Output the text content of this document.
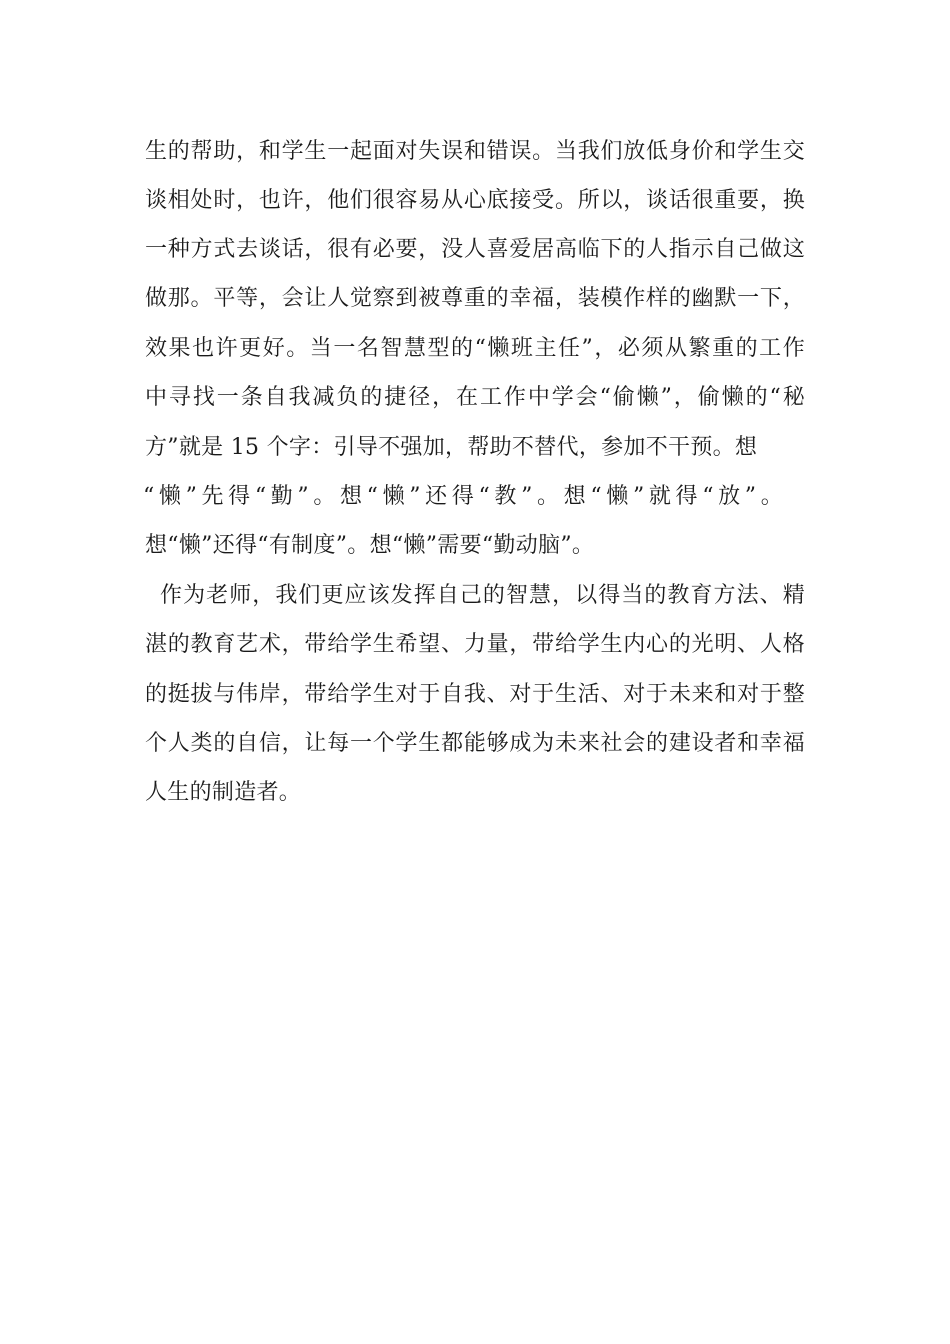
生的帮助，和学生一起面对失误和错误。当我们放低身价和学生交
谈相处时，也许，他们很容易从心底接受。所以，谈话很重要，换
一种方式去谈话，很有必要，没人喜爱居高临下的人指示自己做这
做那。平等，会让人觉察到被尊重的幸福，装模作样的幽默一下，
效果也许更好。当一名智慧型的“懒班主任”，必须从繁重的工作
中寻找一条自我减负的捷径，在工作中学会“偷懒”，偷懒的“秘
方”就是 15 个字：引导不强加，帮助不替代，参加不干预。想
“懒”先得“勤”。想“懒”还得“教”。想“懒”就得“放”。
想“懒”还得“有制度”。想“懒”需要“勤动脑”。
作为老师，我们更应该发挥自己的智慧，以得当的教育方法、精
湛的教育艺术，带给学生希望、力量，带给学生内心的光明、人格
的挺拔与伟岸，带给学生对于自我、对于生活、对于未来和对于整
个人类的自信，让每一个学生都能够成为未来社会的建设者和幸福
人生的制造者。
